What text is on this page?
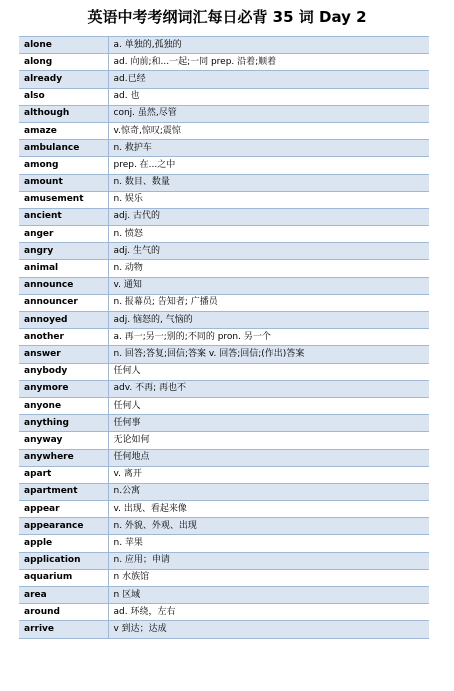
英语中考考纲词汇每日必背 35 词 Day 2
alone	a. 单独的,孤独的
along	ad. 向前;和...一起;一同 prep. 沿着;顺着
already	ad.已经
also	ad. 也
although	conj. 虽然,尽管
amaze	v.惊奇,惊叹;震惊
ambulance	n. 救护车
among	prep. 在...之中
amount	n. 数目、数量
amusement	n. 娱乐
ancient	adj. 古代的
anger	n. 愤怒
angry	adj. 生气的
animal	n. 动物
announce	v. 通知
announcer	n. 报幕员; 告知者; 广播员
annoyed	adj. 恼怒的, 气恼的
another	a. 再一;另一;别的;不同的 pron. 另一个
answer	n. 回答;答复;回信;答案 v. 回答;回信;(作出)答案
anybody	任何人
anymore	adv. 不再; 再也不
anyone	任何人
anything	任何事
anyway	无论如何
anywhere	任何地点
apart	v. 离开
apartment	n.公寓
appear	v. 出现、看起来像
appearance	n. 外貌、外观、出现
apple	n. 苹果
application	n. 应用；申请
aquarium	n 水族馆
area	n 区域
around	ad. 环绕，左右
arrive	v 到达；达成
